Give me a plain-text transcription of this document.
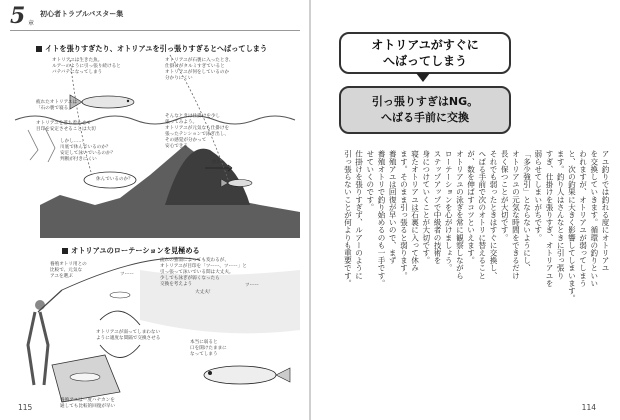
5 章
初心者トラブルバスター集
イトを張りすぎたり、オトリアユを引っ張りすぎるとへばってしまう
オトリアユは生きた魚。
ルアーのように引っ張り続けると
バテバテになってしまう
オトリアユが石裏に入ったとき、
仕掛けがタルミすぎていると
オトリアユが何をしているのか
分かりにくい
疲れたオトリアユは
「石の裏で寝る」
オトリアユを落ち着かせて
目印を安定させることは大切
しかし……
川底で休んでいるのか？
安定して泳いでいるのか？
判断が付きにくい
そんなときは仕掛けを少し
張ってみよう。
オトリアユが元気なら仕掛けを
張ったテンションで泳ぎ出し、
その感覚が分かって
安心できる
休んでいるのか？
流れ
オトリアユのローテーションを見極める
養殖オトリ用との
比較で、元気な
アユを選ぶ
流れの強弱によっても変わるが、
オトリアユが目印を「ツーー、ツーー」と
引っ張って泳いでいる間は大丈夫。
少しでも泳ぎが弱くなったら
交換を考えよう
ツーー
ツーー
大丈夫！
オトリアユが弱ってしまわない
ように適度な間隔で交換させる
本当に弱ると
口を開けたままに
なってしまう
養殖アユは一度ハナカンを
通しても比較的回復が早い
115
オトリアユがすぐに
へばってしまう
引っ張りすぎはNG。
へばる手前に交換
アユ釣りでは釣れる度にオトリアユ
を交換していきます。循環の釣りといい
われますが、オトリアユが弱ってしまう
と、次の釣果に大きく影響してしまいます。
ます。釣り人はさんなときに引っ張り
すぎ、仕掛けを張りすぎ、オトリアユを
弱らせてしまいがちです。
「多少強引」とならないようにし、
オトリアユの元気な時間をできるだけ
長く保つことが大切です。
それでも弱ったときはすぐに交換し、
へばる手前で次のオトリに替えること
が、数を伸ばすコツといえます。
オトリアユの泳ぎを常に観察しながら
ローテーションを心がけましょう。
ステップアップで中級者の技術を
身につけていくことが大切です。
寝たオトリアユは石裏に入って休み
ます。そのまま引っ張ると弱ります。
養殖アユは回復が早いので、まず
養殖オトリで釣り始めるのも一手です。
せていくのです。
仕掛けを張りすぎず、ルアーのように
引っ張らないことが何よりも重要です。
114
